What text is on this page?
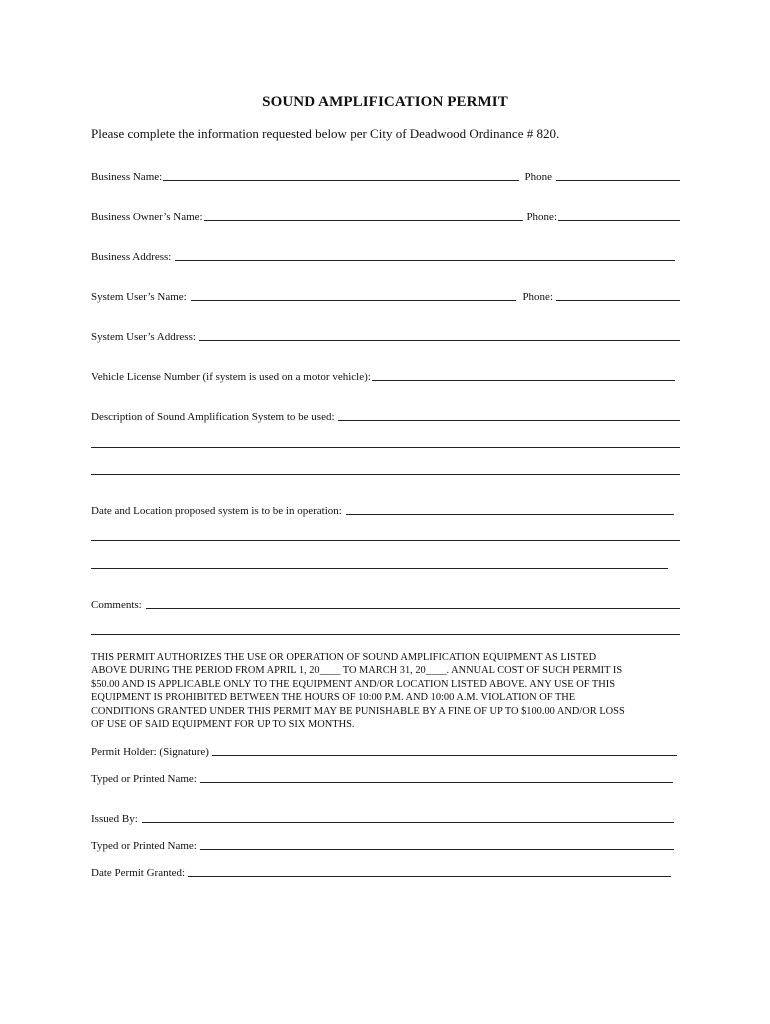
SOUND AMPLIFICATION PERMIT
Please complete the information requested below per City of Deadwood Ordinance # 820.
Business Name:	Phone
Business Owner’s Name:	Phone:
Business Address:
System User’s Name:	Phone:
System User’s Address:
Vehicle License Number (if system is used on a motor vehicle):
Description of Sound Amplification System to be used:
Date and Location proposed system is to be in operation:
Comments:
THIS PERMIT AUTHORIZES THE USE OR OPERATION OF SOUND AMPLIFICATION EQUIPMENT AS LISTED
ABOVE DURING THE PERIOD FROM APRIL 1, 20____ TO MARCH 31, 20____. ANNUAL COST OF SUCH PERMIT IS
$50.00 AND IS APPLICABLE ONLY TO THE EQUIPMENT AND/OR LOCATION LISTED ABOVE. ANY USE OF THIS
EQUIPMENT IS PROHIBITED BETWEEN THE HOURS OF 10:00 P.M. AND 10:00 A.M. VIOLATION OF THE
CONDITIONS GRANTED UNDER THIS PERMIT MAY BE PUNISHABLE BY A FINE OF UP TO $100.00 AND/OR LOSS
OF USE OF SAID EQUIPMENT FOR UP TO SIX MONTHS.
Permit Holder: (Signature)
Typed or Printed Name:
Issued By:
Typed or Printed Name:
Date Permit Granted:
